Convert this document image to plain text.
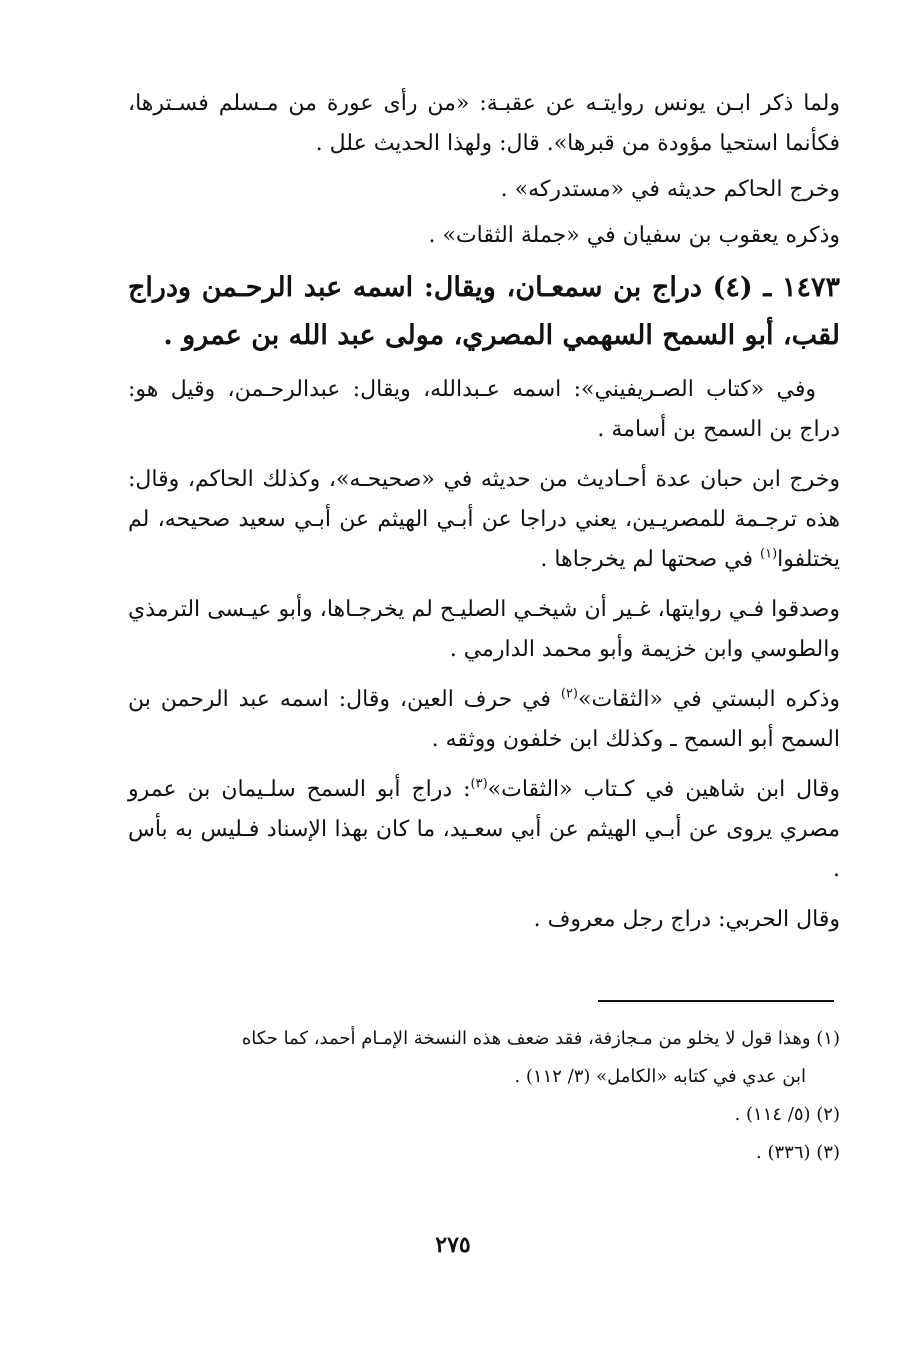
ولما ذكر ابـن يونس روايتـه عن عقبـة: «من رأى عورة من مـسلم فسـترها، فكأنما استحيا مؤودة من قبرها». قال: ولهذا الحديث علل .

وخرج الحاكم حديثه في «مستدركه» .

وذكره يعقوب بن سفيان في «جملة الثقات» .

١٤٧٣ ـ (٤) دراج بن سمعـان، ويقال: اسمه عبد الرحـمن ودراج لقب، أبو السمح السهمي المصري، مولى عبد الله بن عمرو .

وفي «كتاب الصـريفيني»: اسمه عـبدالله، ويقال: عبدالرحـمن، وقيل هو: دراج بن السمح بن أسامة .

وخرج ابن حبان عدة أحـاديث من حديثه في «صحيحـه»، وكذلك الحاكم، وقال: هذه ترجـمة للمصريـين، يعني دراجا عن أبـي الهيثم عن أبـي سعيد صحيحه، لم يختلفوا$^{(١)}$ في صحتها لم يخرجاها .

وصدقوا فـي روايتها، غـير أن شيخـي الصليـح لم يخرجـاها، وأبو عيـسى الترمذي والطوسي وابن خزيمة وأبو محمد الدارمي .

وذكره البستي في «الثقات»$^{(٢)}$ في حرف العين، وقال: اسمه عبد الرحمن بن السمح أبو السمح ـ وكذلك ابن خلفون ووثقه .

وقال ابن شاهين في كـتاب «الثقات»$^{(٣)}$: دراج أبو السمح سلـيمان بن عمرو مصري يروى عن أبـي الهيثم عن أبي سعـيد، ما كان بهذا الإسناد فـليس به بأس .

وقال الحربي: دراج رجل معروف .

(١) وهذا قول لا يخلو من مـجازفة، فقد ضعف هذه النسخة الإمـام أحمد، كما حكاه

ابن عدي في كتابه «الكامل» (٣/ ١١٢) .

(٢) (٥/ ١١٤) .

(٣) (٣٣٦) .

٢٧٥
